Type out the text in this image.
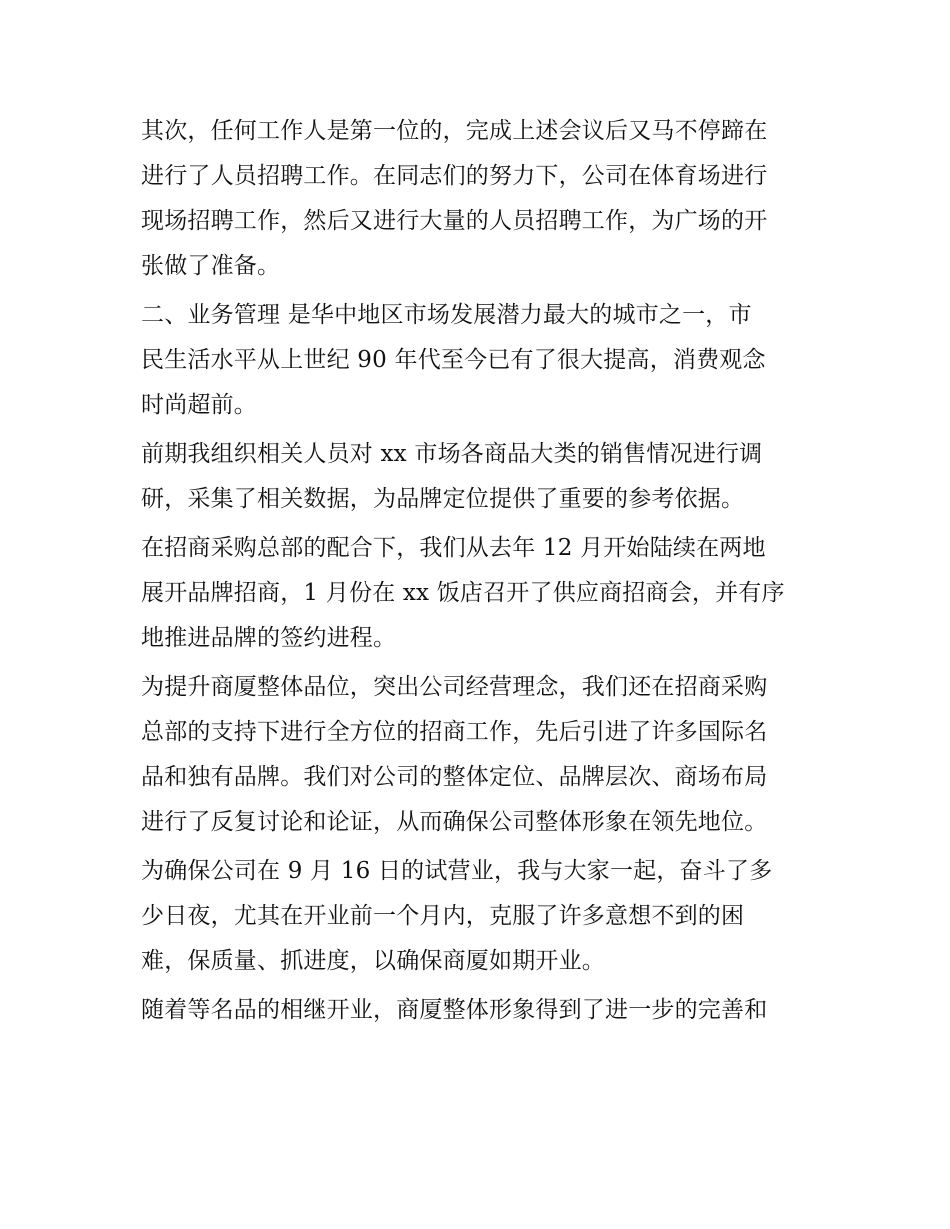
其次，任何工作人是第一位的，完成上述会议后又马不停蹄在
进行了人员招聘工作。在同志们的努力下，公司在体育场进行
现场招聘工作，然后又进行大量的人员招聘工作，为广场的开
张做了准备。
二、业务管理 是华中地区市场发展潜力最大的城市之一，市
民生活水平从上世纪 90 年代至今已有了很大提高，消费观念
时尚超前。
前期我组织相关人员对 xx 市场各商品大类的销售情况进行调
研，采集了相关数据，为品牌定位提供了重要的参考依据。
在招商采购总部的配合下，我们从去年 12 月开始陆续在两地
展开品牌招商，1 月份在 xx 饭店召开了供应商招商会，并有序
地推进品牌的签约进程。
为提升商厦整体品位，突出公司经营理念，我们还在招商采购
总部的支持下进行全方位的招商工作，先后引进了许多国际名
品和独有品牌。我们对公司的整体定位、品牌层次、商场布局
进行了反复讨论和论证，从而确保公司整体形象在领先地位。
为确保公司在 9 月 16 日的试营业，我与大家一起，奋斗了多
少日夜，尤其在开业前一个月内，克服了许多意想不到的困
难，保质量、抓进度，以确保商厦如期开业。
随着等名品的相继开业，商厦整体形象得到了进一步的完善和
